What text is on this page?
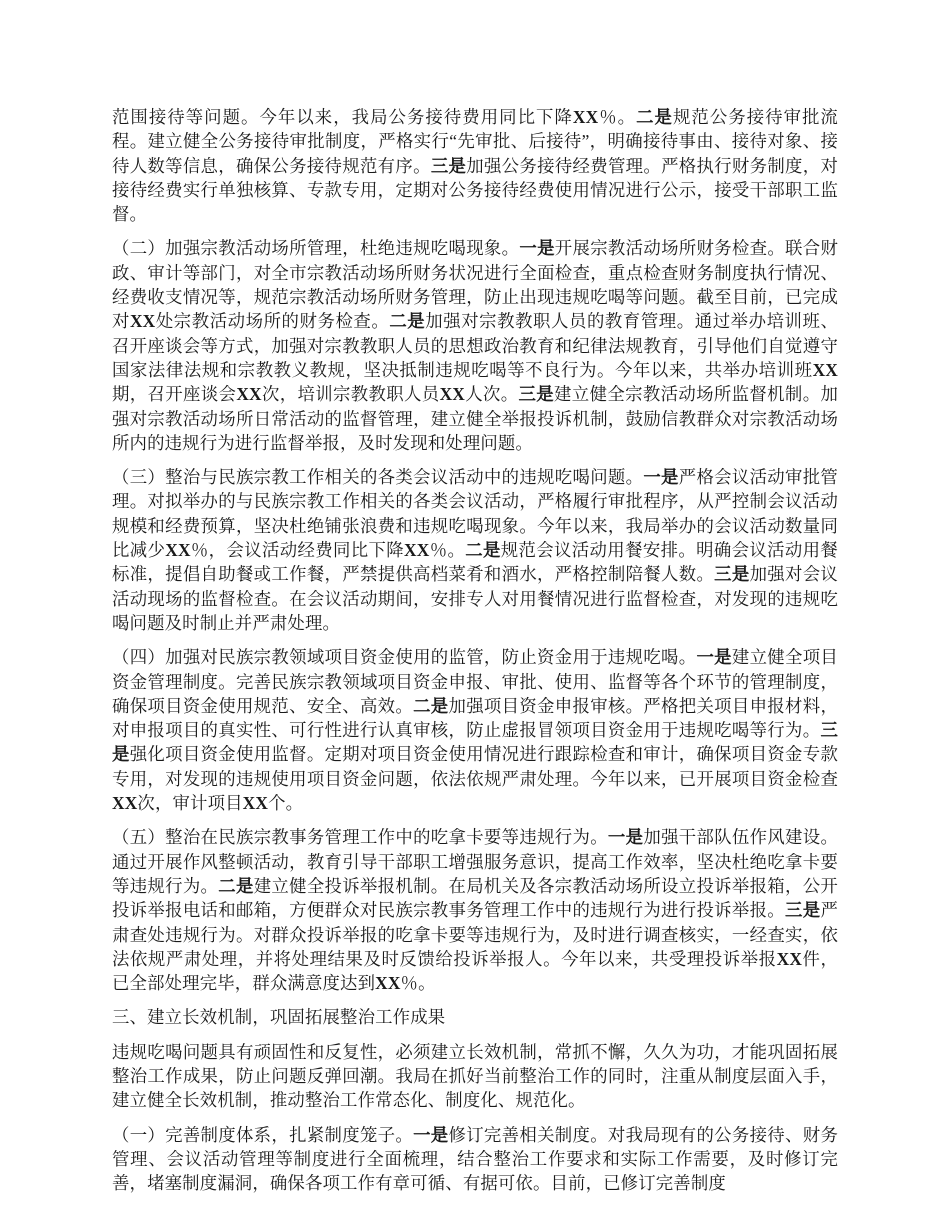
范围接待等问题。今年以来，我局公务接待费用同比下降XX％。二是规范公务接待审批流程。建立健全公务接待审批制度，严格实行“先审批、后接待”，明确接待事由、接待对象、接待人数等信息，确保公务接待规范有序。三是加强公务接待经费管理。严格执行财务制度，对接待经费实行单独核算、专款专用，定期对公务接待经费使用情况进行公示，接受干部职工监督。

（二）加强宗教活动场所管理，杜绝违规吃喝现象。一是开展宗教活动场所财务检查。联合财政、审计等部门，对全市宗教活动场所财务状况进行全面检查，重点检查财务制度执行情况、经费收支情况等，规范宗教活动场所财务管理，防止出现违规吃喝等问题。截至目前，已完成对XX处宗教活动场所的财务检查。二是加强对宗教教职人员的教育管理。通过举办培训班、召开座谈会等方式，加强对宗教教职人员的思想政治教育和纪律法规教育，引导他们自觉遵守国家法律法规和宗教教义教规，坚决抵制违规吃喝等不良行为。今年以来，共举办培训班XX期，召开座谈会XX次，培训宗教教职人员XX人次。三是建立健全宗教活动场所监督机制。加强对宗教活动场所日常活动的监督管理，建立健全举报投诉机制，鼓励信教群众对宗教活动场所内的违规行为进行监督举报，及时发现和处理问题。

（三）整治与民族宗教工作相关的各类会议活动中的违规吃喝问题。一是严格会议活动审批管理。对拟举办的与民族宗教工作相关的各类会议活动，严格履行审批程序，从严控制会议活动规模和经费预算，坚决杜绝铺张浪费和违规吃喝现象。今年以来，我局举办的会议活动数量同比减少XX％，会议活动经费同比下降XX％。二是规范会议活动用餐安排。明确会议活动用餐标准，提倡自助餐或工作餐，严禁提供高档菜肴和酒水，严格控制陪餐人数。三是加强对会议活动现场的监督检查。在会议活动期间，安排专人对用餐情况进行监督检查，对发现的违规吃喝问题及时制止并严肃处理。

（四）加强对民族宗教领域项目资金使用的监管，防止资金用于违规吃喝。一是建立健全项目资金管理制度。完善民族宗教领域项目资金申报、审批、使用、监督等各个环节的管理制度，确保项目资金使用规范、安全、高效。二是加强项目资金申报审核。严格把关项目申报材料，对申报项目的真实性、可行性进行认真审核，防止虚报冒领项目资金用于违规吃喝等行为。三是强化项目资金使用监督。定期对项目资金使用情况进行跟踪检查和审计，确保项目资金专款专用，对发现的违规使用项目资金问题，依法依规严肃处理。今年以来，已开展项目资金检查XX次，审计项目XX个。

（五）整治在民族宗教事务管理工作中的吃拿卡要等违规行为。一是加强干部队伍作风建设。通过开展作风整顿活动，教育引导干部职工增强服务意识，提高工作效率，坚决杜绝吃拿卡要等违规行为。二是建立健全投诉举报机制。在局机关及各宗教活动场所设立投诉举报箱，公开投诉举报电话和邮箱，方便群众对民族宗教事务管理工作中的违规行为进行投诉举报。三是严肃查处违规行为。对群众投诉举报的吃拿卡要等违规行为，及时进行调查核实，一经查实，依法依规严肃处理，并将处理结果及时反馈给投诉举报人。今年以来，共受理投诉举报XX件，已全部处理完毕，群众满意度达到XX％。

三、建立长效机制，巩固拓展整治工作成果

违规吃喝问题具有顽固性和反复性，必须建立长效机制，常抓不懈，久久为功，才能巩固拓展整治工作成果，防止问题反弹回潮。我局在抓好当前整治工作的同时，注重从制度层面入手，建立健全长效机制，推动整治工作常态化、制度化、规范化。

（一）完善制度体系，扎紧制度笼子。一是修订完善相关制度。对我局现有的公务接待、财务管理、会议活动管理等制度进行全面梳理，结合整治工作要求和实际工作需要，及时修订完善，堵塞制度漏洞，确保各项工作有章可循、有据可依。目前，已修订完善制度
